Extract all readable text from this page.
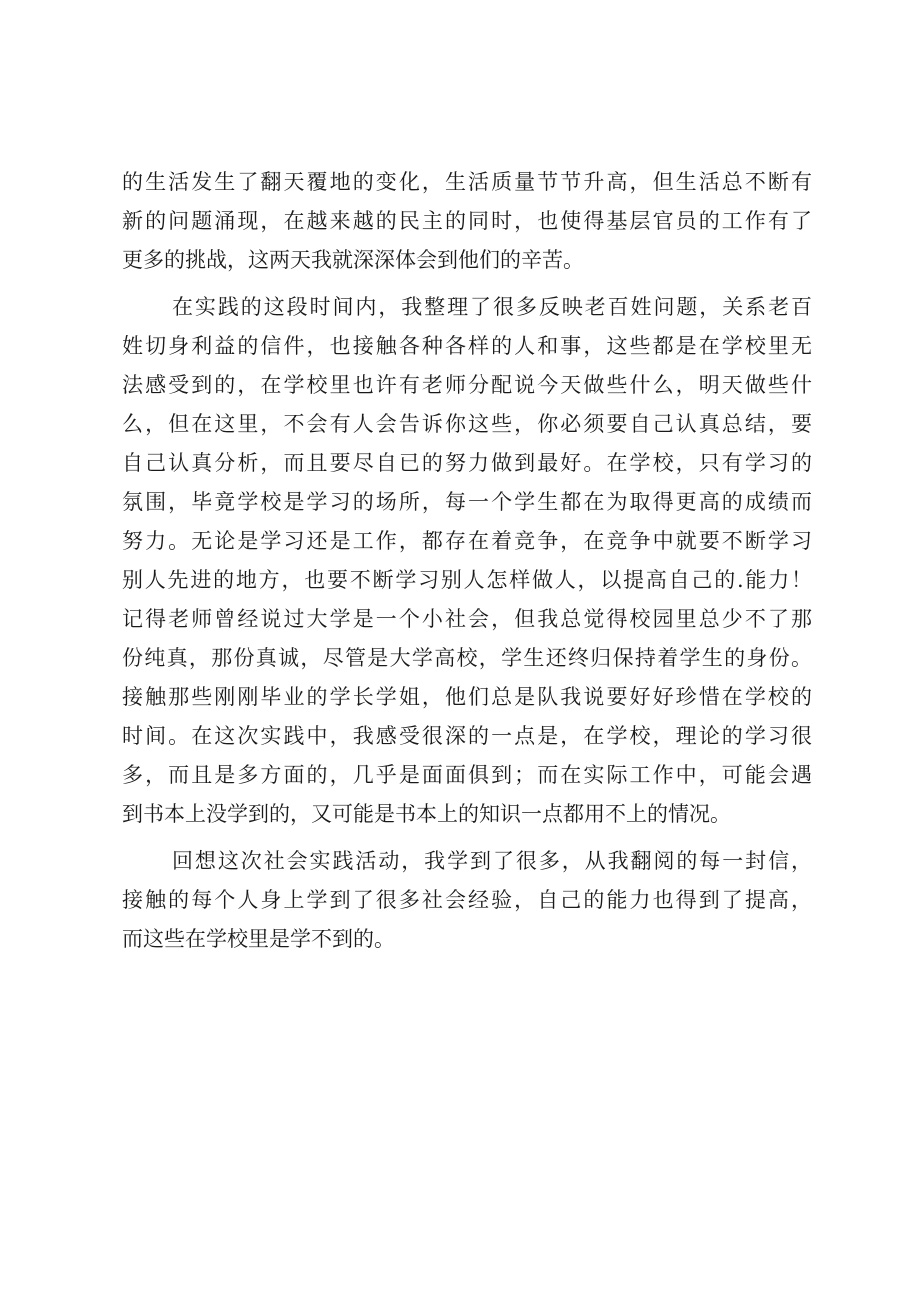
的生活发生了翻天覆地的变化，生活质量节节升高，但生活总不断有
新的问题涌现，在越来越的民主的同时，也使得基层官员的工作有了
更多的挑战，这两天我就深深体会到他们的辛苦。
在实践的这段时间内，我整理了很多反映老百姓问题，关系老百
姓切身利益的信件，也接触各种各样的人和事，这些都是在学校里无
法感受到的，在学校里也许有老师分配说今天做些什么，明天做些什
么，但在这里，不会有人会告诉你这些，你必须要自己认真总结，要
自己认真分析，而且要尽自已的努力做到最好。在学校，只有学习的
氛围，毕竟学校是学习的场所，每一个学生都在为取得更高的成绩而
努力。无论是学习还是工作，都存在着竞争，在竞争中就要不断学习
别人先进的地方，也要不断学习别人怎样做人，以提高自己的.能力！
记得老师曾经说过大学是一个小社会，但我总觉得校园里总少不了那
份纯真，那份真诚，尽管是大学高校，学生还终归保持着学生的身份。
接触那些刚刚毕业的学长学姐，他们总是队我说要好好珍惜在学校的
时间。在这次实践中，我感受很深的一点是，在学校，理论的学习很
多，而且是多方面的，几乎是面面俱到；而在实际工作中，可能会遇
到书本上没学到的，又可能是书本上的知识一点都用不上的情况。
回想这次社会实践活动，我学到了很多，从我翻阅的每一封信，
接触的每个人身上学到了很多社会经验，自己的能力也得到了提高，
而这些在学校里是学不到的。
